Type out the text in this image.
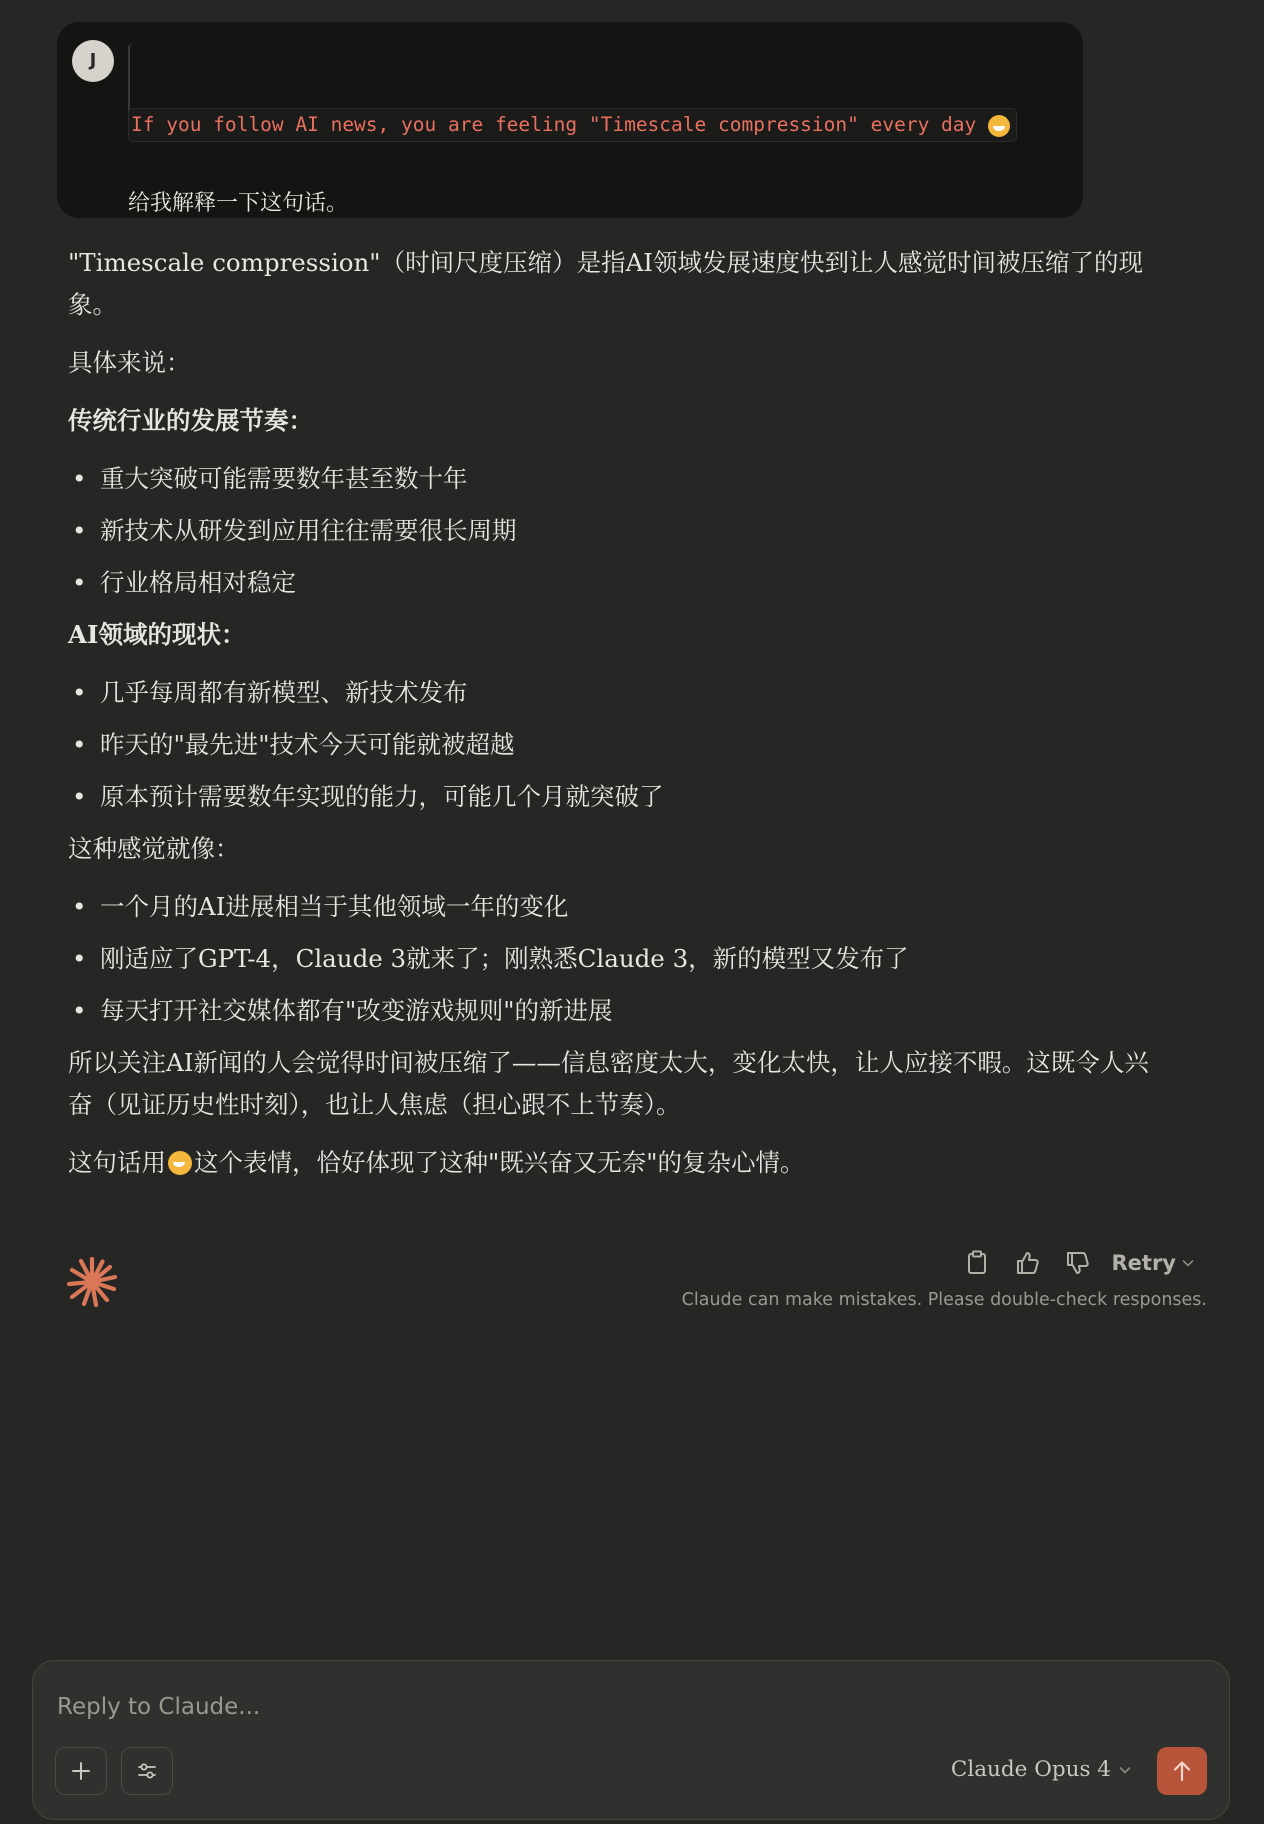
J
If you follow AI news, you are feeling "Timescale compression" every day
给我解释一下这句话。

"Timescale compression"（时间尺度压缩）是指AI领域发展速度快到让人感觉时间被压缩了的现象。

具体来说：

传统行业的发展节奏：

• 重大突破可能需要数年甚至数十年
• 新技术从研发到应用往往需要很长周期
• 行业格局相对稳定

AI领域的现状：

• 几乎每周都有新模型、新技术发布
• 昨天的"最先进"技术今天可能就被超越
• 原本预计需要数年实现的能力，可能几个月就突破了

这种感觉就像：

• 一个月的AI进展相当于其他领域一年的变化
• 刚适应了GPT-4，Claude 3就来了；刚熟悉Claude 3，新的模型又发布了
• 每天打开社交媒体都有"改变游戏规则"的新进展

所以关注AI新闻的人会觉得时间被压缩了——信息密度太大，变化太快，让人应接不暇。这既令人兴奋（见证历史性时刻），也让人焦虑（担心跟不上节奏）。

这句话用 这个表情，恰好体现了这种"既兴奋又无奈"的复杂心情。

Retry
Claude can make mistakes. Please double-check responses.
Reply to Claude...
Claude Opus 4
